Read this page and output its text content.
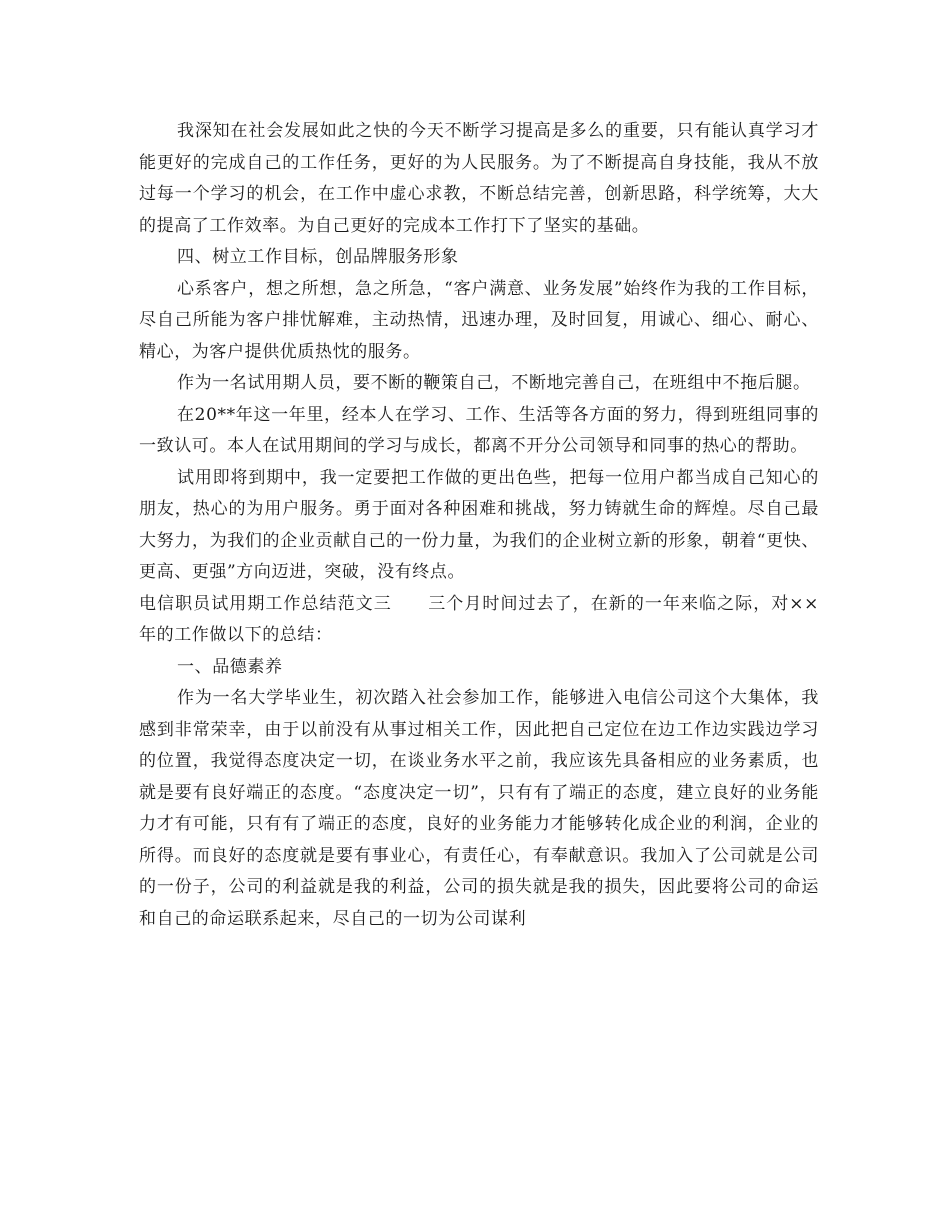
我深知在社会发展如此之快的今天不断学习提高是多么的重要，只有能认真学习才能更好的完成自己的工作任务，更好的为人民服务。为了不断提高自身技能，我从不放过每一个学习的机会，在工作中虚心求教，不断总结完善，创新思路，科学统筹，大大的提高了工作效率。为自己更好的完成本工作打下了坚实的基础。

四、树立工作目标，创品牌服务形象

心系客户，想之所想，急之所急，“客户满意、业务发展”始终作为我的工作目标，尽自己所能为客户排忧解难，主动热情，迅速办理，及时回复，用诚心、细心、耐心、精心，为客户提供优质热忱的服务。

作为一名试用期人员，要不断的鞭策自己，不断地完善自己，在班组中不拖后腿。

在20**年这一年里，经本人在学习、工作、生活等各方面的努力，得到班组同事的一致认可。本人在试用期间的学习与成长，都离不开分公司领导和同事的热心的帮助。

试用即将到期中，我一定要把工作做的更出色些，把每一位用户都当成自己知心的朋友，热心的为用户服务。勇于面对各种困难和挑战，努力铸就生命的辉煌。尽自己最大努力，为我们的企业贡献自己的一份力量，为我们的企业树立新的形象，朝着“更快、更高、更强”方向迈进，突破，没有终点。

电信职员试用期工作总结范文三 三个月时间过去了，在新的一年来临之际，对××年的工作做以下的总结：

一、品德素养

作为一名大学毕业生，初次踏入社会参加工作，能够进入电信公司这个大集体，我感到非常荣幸，由于以前没有从事过相关工作，因此把自己定位在边工作边实践边学习的位置，我觉得态度决定一切，在谈业务水平之前，我应该先具备相应的业务素质，也就是要有良好端正的态度。“态度决定一切”，只有有了端正的态度，建立良好的业务能力才有可能，只有有了端正的态度，良好的业务能力才能够转化成企业的利润，企业的所得。而良好的态度就是要有事业心，有责任心，有奉献意识。我加入了公司就是公司的一份子，公司的利益就是我的利益，公司的损失就是我的损失，因此要将公司的命运和自己的命运联系起来，尽自己的一切为公司谋利
